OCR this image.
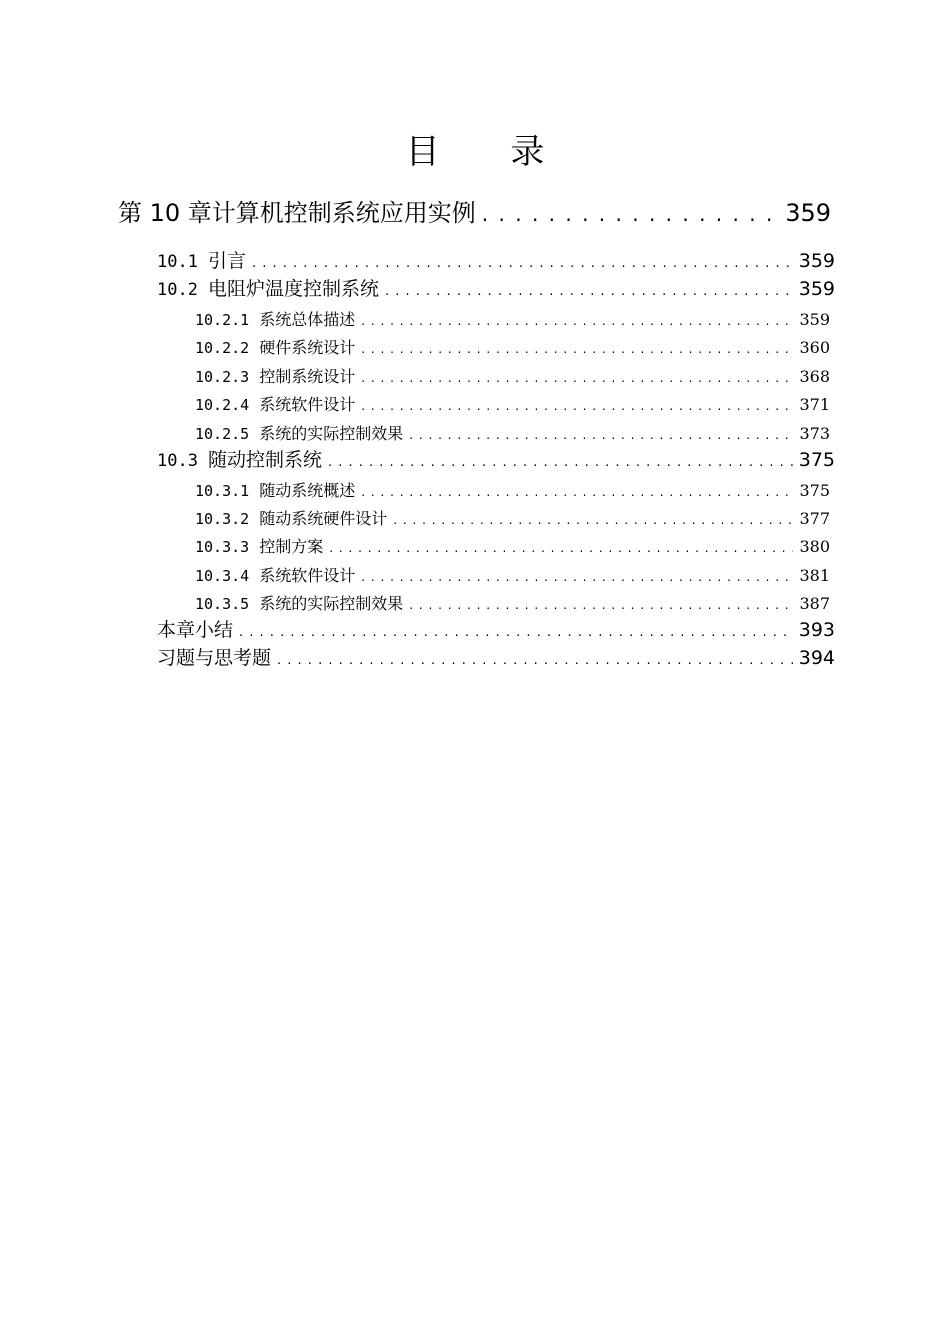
目 录
第 10 章 计算机控制系统应用实例 . . .	359
10.1 引言 . . .	359
10.2 电阻炉温度控制系统 . . .	359
10.2.1 系统总体描述 . . .	359
10.2.2 硬件系统设计 . . .	360
10.2.3 控制系统设计 . . .	368
10.2.4 系统软件设计 . . .	371
10.2.5 系统的实际控制效果 . . .	373
10.3 随动控制系统 . . .	375
10.3.1 随动系统概述 . . .	375
10.3.2 随动系统硬件设计 . . .	377
10.3.3 控制方案 . . .	380
10.3.4 系统软件设计 . . .	381
10.3.5 系统的实际控制效果 . . .	387
本章小结 . . .	393
习题与思考题 . . .	394
